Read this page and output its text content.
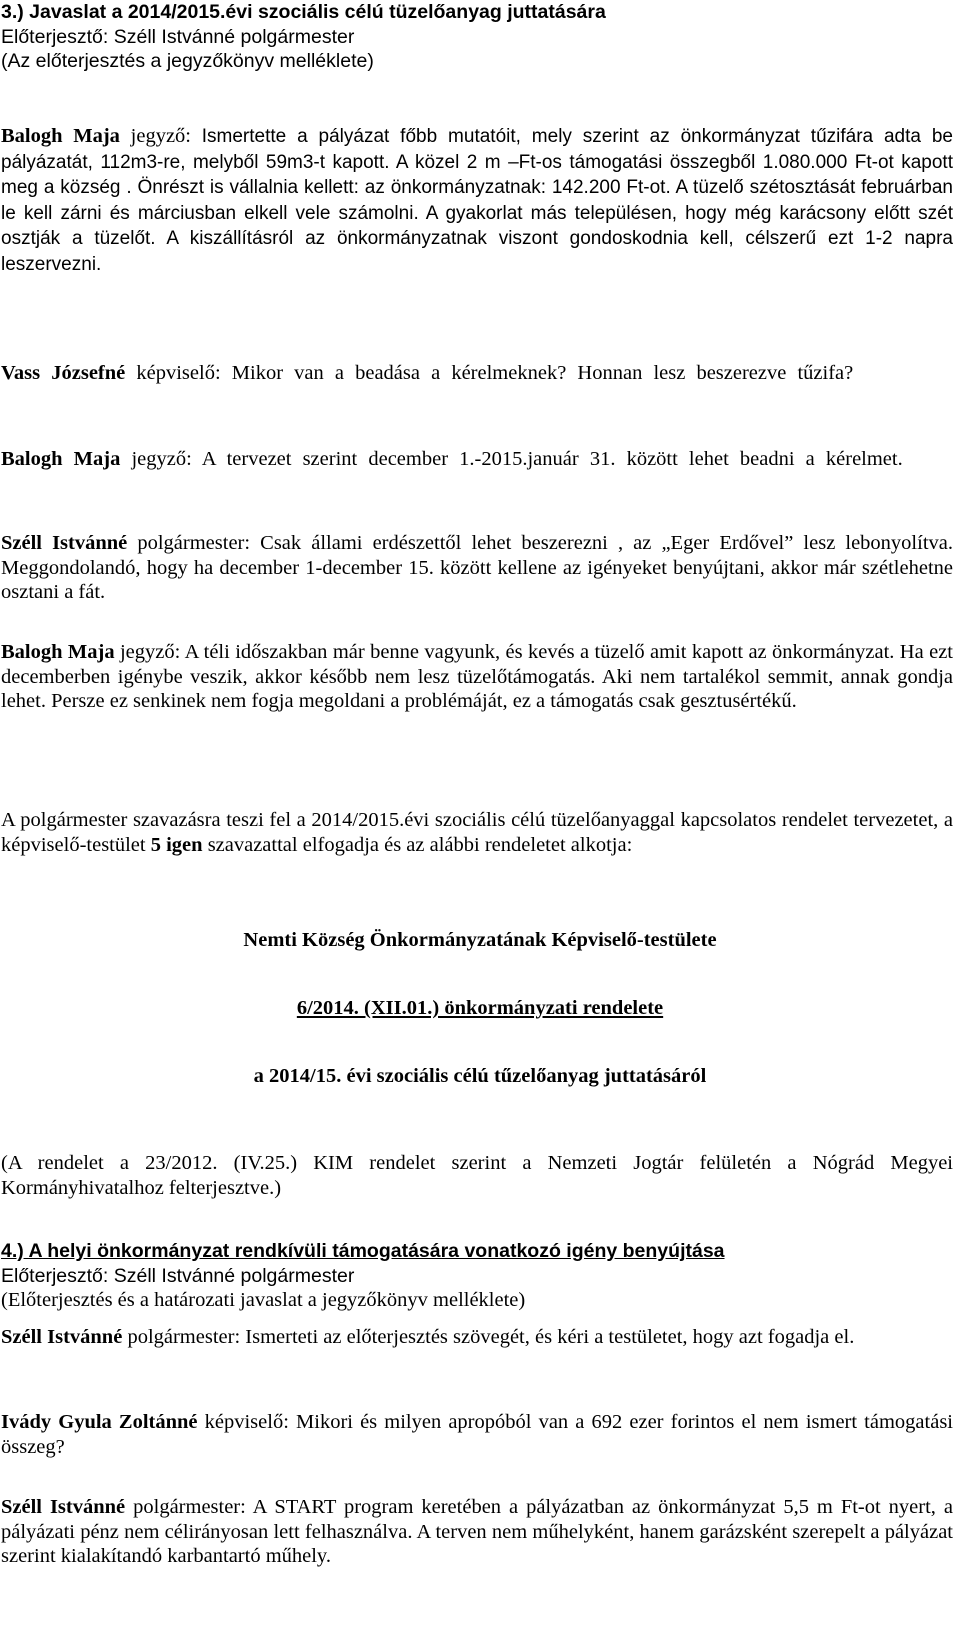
3.) Javaslat a 2014/2015.évi szociális célú tüzelőanyag juttatására
Előterjesztő: Széll Istvánné polgármester
(Az előterjesztés a jegyzőkönyv melléklete)

Balogh Maja jegyző: Ismertette a pályázat főbb mutatóit, mely szerint az önkormányzat tűzifára adta be pályázatát, 112m3-re, melyből 59m3-t kapott. A közel 2 m –Ft-os támogatási összegből 1.080.000 Ft-ot kapott meg a község . Önrészt is vállalnia kellett: az önkormányzatnak: 142.200 Ft-ot. A tüzelő szétosztását februárban le kell zárni és márciusban elkell vele számolni. A gyakorlat más településen, hogy még karácsony előtt szét osztják a tüzelőt. A kiszállításról az önkormányzatnak viszont gondoskodnia kell, célszerű ezt 1-2 napra leszervezni.

Vass Józsefné képviselő: Mikor van a beadása a kérelmeknek? Honnan lesz beszerezve tűzifa?

Balogh Maja jegyző: A tervezet szerint december 1.-2015.január 31. között lehet beadni a kérelmet.

Széll Istvánné polgármester: Csak állami erdészettől lehet beszerezni , az „Eger Erdővel” lesz lebonyolítva. Meggondolandó, hogy ha december 1-december 15. között kellene az igényeket benyújtani, akkor már szétlehetne osztani a fát.

Balogh Maja jegyző: A téli időszakban már benne vagyunk, és kevés a tüzelő amit kapott az önkormányzat. Ha ezt decemberben igénybe veszik, akkor később nem lesz tüzelőtámogatás. Aki nem tartalékol semmit, annak gondja lehet. Persze ez senkinek nem fogja megoldani a problémáját, ez a támogatás csak gesztusértékű.

A polgármester szavazásra teszi fel a 2014/2015.évi szociális célú tüzelőanyaggal kapcsolatos rendelet tervezetet, a képviselő-testület 5 igen szavazattal elfogadja és az alábbi rendeletet alkotja:

Nemti Község Önkormányzatának Képviselő-testülete
6/2014. (XII.01.) önkormányzati rendelete
a 2014/15. évi szociális célú tűzelőanyag juttatásáról

(A rendelet a 23/2012. (IV.25.) KIM rendelet szerint a Nemzeti Jogtár felületén a Nógrád Megyei Kormányhivatalhoz felterjesztve.)

4.) A helyi önkormányzat rendkívüli támogatására vonatkozó igény benyújtása
Előterjesztő: Széll Istvánné polgármester
(Előterjesztés és a határozati javaslat a jegyzőkönyv melléklete)

Széll Istvánné polgármester: Ismerteti az előterjesztés szövegét, és kéri a testületet, hogy azt fogadja el.

Ivády Gyula Zoltánné képviselő: Mikori és milyen apropóból van a 692 ezer forintos el nem ismert támogatási összeg?

Széll Istvánné polgármester: A START program keretében a pályázatban az önkormányzat 5,5 m Ft-ot nyert, a pályázati pénz nem célirányosan lett felhasználva. A terven nem műhelyként, hanem garázsként szerepelt a pályázat szerint kialakítandó karbantartó műhely.
